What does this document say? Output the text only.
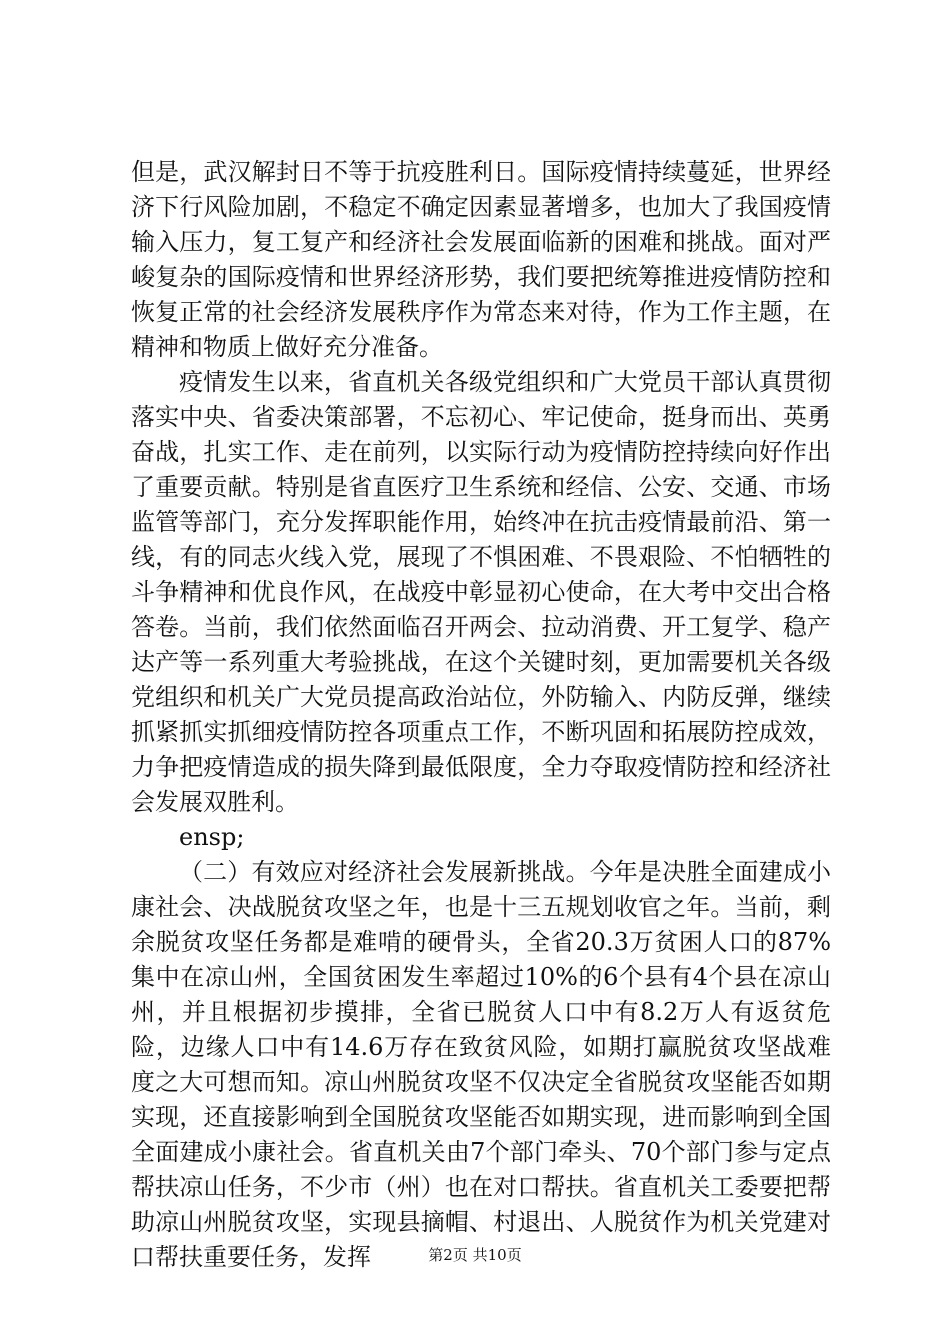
但是，武汉解封日不等于抗疫胜利日。国际疫情持续蔓延，世界经济下行风险加剧，不稳定不确定因素显著增多，也加大了我国疫情输入压力，复工复产和经济社会发展面临新的困难和挑战。面对严峻复杂的国际疫情和世界经济形势，我们要把统筹推进疫情防控和恢复正常的社会经济发展秩序作为常态来对待，作为工作主题，在精神和物质上做好充分准备。

疫情发生以来，省直机关各级党组织和广大党员干部认真贯彻落实中央、省委决策部署，不忘初心、牢记使命，挺身而出、英勇奋战，扎实工作、走在前列，以实际行动为疫情防控持续向好作出了重要贡献。特别是省直医疗卫生系统和经信、公安、交通、市场监管等部门，充分发挥职能作用，始终冲在抗击疫情最前沿、第一线，有的同志火线入党，展现了不惧困难、不畏艰险、不怕牺牲的斗争精神和优良作风，在战疫中彰显初心使命，在大考中交出合格答卷。当前，我们依然面临召开两会、拉动消费、开工复学、稳产达产等一系列重大考验挑战，在这个关键时刻，更加需要机关各级党组织和机关广大党员提高政治站位，外防输入、内防反弹，继续抓紧抓实抓细疫情防控各项重点工作，不断巩固和拓展防控成效，力争把疫情造成的损失降到最低限度，全力夺取疫情防控和经济社会发展双胜利。

ensp;

（二）有效应对经济社会发展新挑战。今年是决胜全面建成小康社会、决战脱贫攻坚之年，也是十三五规划收官之年。当前，剩余脱贫攻坚任务都是难啃的硬骨头，全省20.3万贫困人口的87%集中在凉山州，全国贫困发生率超过10%的6个县有4个县在凉山州，并且根据初步摸排，全省已脱贫人口中有8.2万人有返贫危险，边缘人口中有14.6万存在致贫风险，如期打赢脱贫攻坚战难度之大可想而知。凉山州脱贫攻坚不仅决定全省脱贫攻坚能否如期实现，还直接影响到全国脱贫攻坚能否如期实现，进而影响到全国全面建成小康社会。省直机关由7个部门牵头、70个部门参与定点帮扶凉山任务，不少市（州）也在对口帮扶。省直机关工委要把帮助凉山州脱贫攻坚，实现县摘帽、村退出、人脱贫作为机关党建对口帮扶重要任务，发挥	第2页 共10页
